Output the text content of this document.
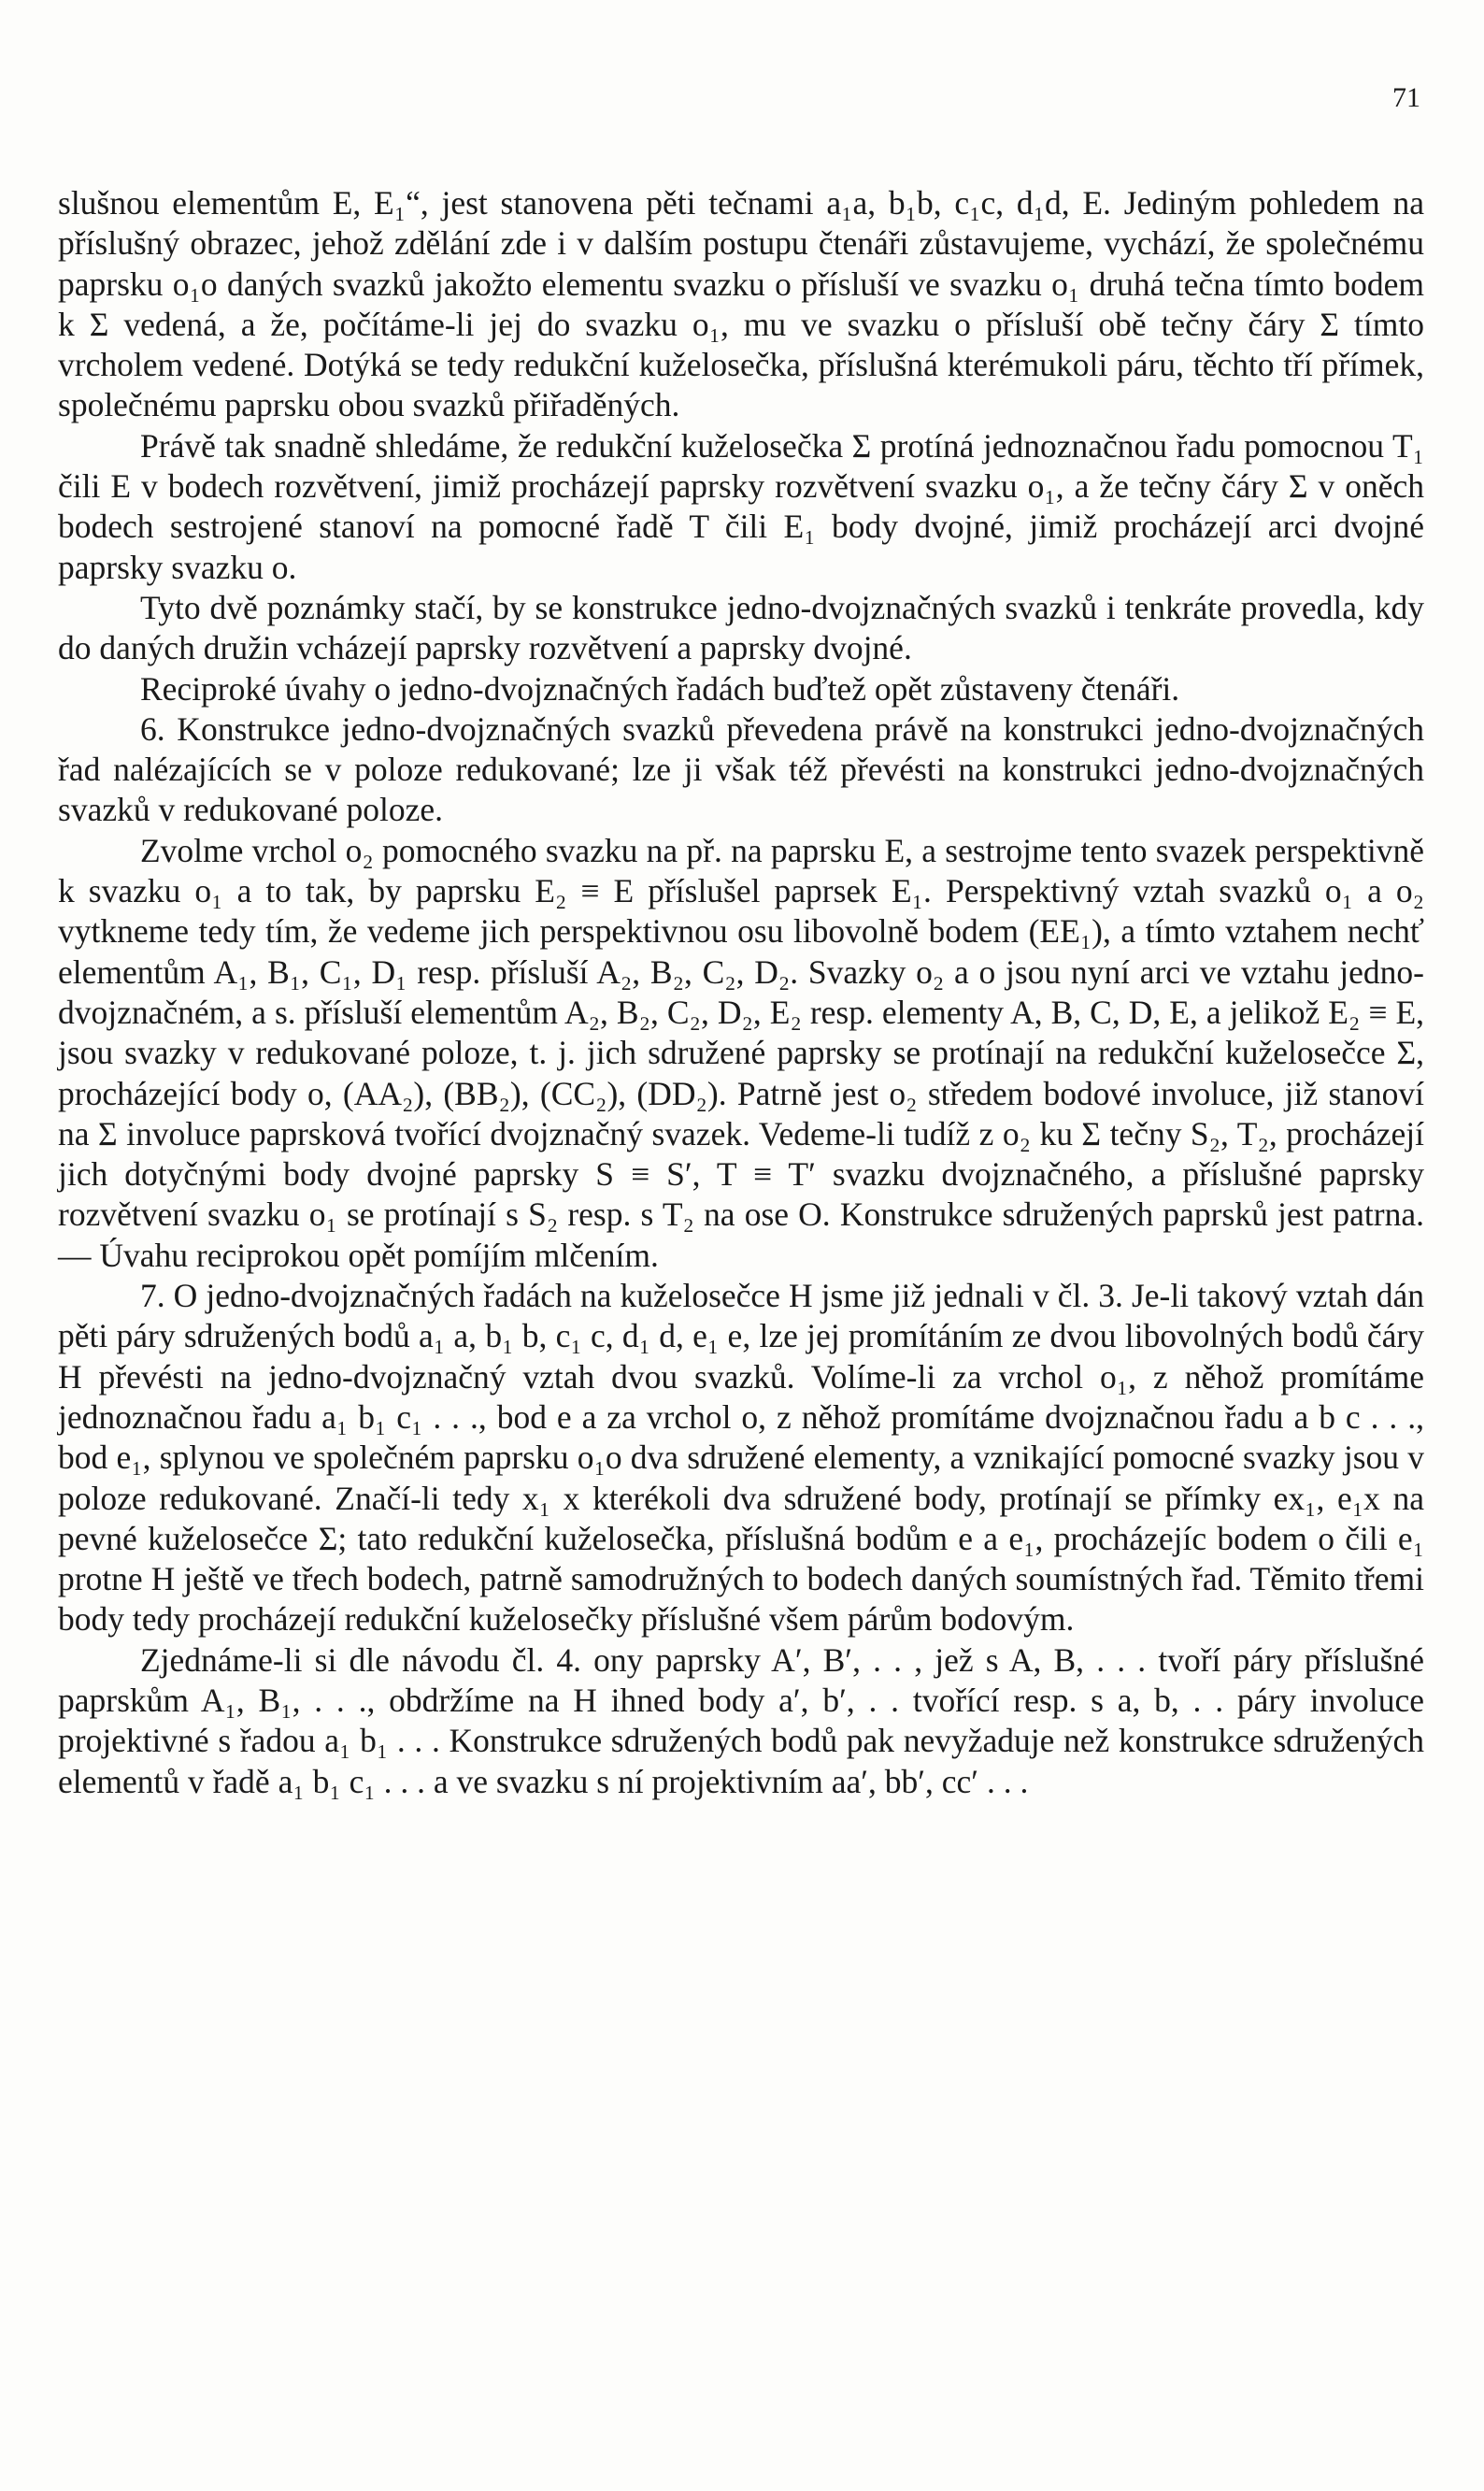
71

slušnou elementům E, E₁“, jest stanovena pěti tečnami a₁a, b₁b, c₁c, d₁d, E. Jediným pohledem na příslušný obrazec, jehož zdělání zde i v dalším postupu čtenáři zůstavujeme, vychází, že společnému paprsku o₁o daných svazků jakožto elementu svazku o přísluší ve svazku o₁ druhá tečna tímto bodem k Σ vedená, a že, počítáme-li jej do svazku o₁, mu ve svazku o přísluší obě tečny čáry Σ tímto vrcholem vedené. Dotýká se tedy redukční kuželosečka, příslušná kterémukoli páru, těchto tří přímek, společnému paprsku obou svazků přiřaděných.

Právě tak snadně shledáme, že redukční kuželosečka Σ protíná jednoznačnou řadu pomocnou T₁ čili E v bodech rozvětvení, jimiž procházejí paprsky rozvětvení svazku o₁, a že tečny čáry Σ v oněch bodech sestrojené stanoví na pomocné řadě T čili E₁ body dvojné, jimiž procházejí arci dvojné paprsky svazku o.

Tyto dvě poznámky stačí, by se konstrukce jedno-dvojznačných svazků i tenkráte provedla, kdy do daných družin vcházejí paprsky rozvětvení a paprsky dvojné.

Reciproké úvahy o jedno-dvojznačných řadách buďtež opět zůstaveny čtenáři.

6. Konstrukce jedno-dvojznačných svazků převedena právě na konstrukci jedno-dvojznačných řad nalézajících se v poloze redukované; lze ji však též převésti na konstrukci jedno-dvojznačných svazků v redukované poloze.

Zvolme vrchol o₂ pomocného svazku na př. na paprsku E, a sestrojme tento svazek perspektivně k svazku o₁ a to tak, by paprsku E₂ ≡ E příslušel paprsek E₁. Perspektivný vztah svazků o₁ a o₂ vytkneme tedy tím, že vedeme jich perspektivnou osu libovolně bodem (EE₁), a tímto vztahem nechť elementům A₁, B₁, C₁, D₁ resp. přísluší A₂, B₂, C₂, D₂. Svazky o₂ a o jsou nyní arci ve vztahu jedno-dvojznačném, a s. přísluší elementům A₂, B₂, C₂, D₂, E₂ resp. elementy A, B, C, D, E, a jelikož E₂ ≡ E, jsou svazky v redukované poloze, t. j. jich sdružené paprsky se protínají na redukční kuželosečce Σ, procházející body o, (AA₂), (BB₂), (CC₂), (DD₂). Patrně jest o₂ středem bodové involuce, již stanoví na Σ involuce paprsková tvořící dvojznačný svazek. Vedeme-li tudíž z o₂ ku Σ tečny S₂, T₂, procházejí jich dotyčnými body dvojné paprsky S ≡ S′, T ≡ T′ svazku dvojznačného, a příslušné paprsky rozvětvení svazku o₁ se protínají s S₂ resp. s T₂ na ose O. Konstrukce sdružených paprsků jest patrna. — Úvahu reciprokou opět pomíjím mlčením.

7. O jedno-dvojznačných řadách na kuželosečce H jsme již jednali v čl. 3. Je-li takový vztah dán pěti páry sdružených bodů a₁ a, b₁ b, c₁ c, d₁ d, e₁ e, lze jej promítáním ze dvou libovolných bodů čáry H převésti na jedno-dvojznačný vztah dvou svazků. Volíme-li za vrchol o₁, z něhož promítáme jednoznačnou řadu a₁ b₁ c₁ . . ., bod e a za vrchol o, z něhož promítáme dvojznačnou řadu a b c . . ., bod e₁, splynou ve společném paprsku o₁o dva sdružené elementy, a vznikající pomocné svazky jsou v poloze redukované. Značí-li tedy x₁ x kterékoli dva sdružené body, protínají se přímky ex₁, e₁x na pevné kuželosečce Σ; tato redukční kuželosečka, příslušná bodům e a e₁, procházejíc bodem o čili e₁ protne H ještě ve třech bodech, patrně samodružných to bodech daných soumístných řad. Těmito třemi body tedy procházejí redukční kuželosečky příslušné všem párům bodovým.

Zjednáme-li si dle návodu čl. 4. ony paprsky A′, B′, . . , jež s A, B, . . . tvoří páry příslušné paprskům A₁, B₁, . . ., obdržíme na H ihned body a′, b′, . . tvořící resp. s a, b, . . páry involuce projektivné s řadou a₁ b₁ . . . Konstrukce sdružených bodů pak nevyžaduje než konstrukce sdružených elementů v řadě a₁ b₁ c₁ . . . a ve svazku s ní projektivním aa′, bb′, cc′ . . .
